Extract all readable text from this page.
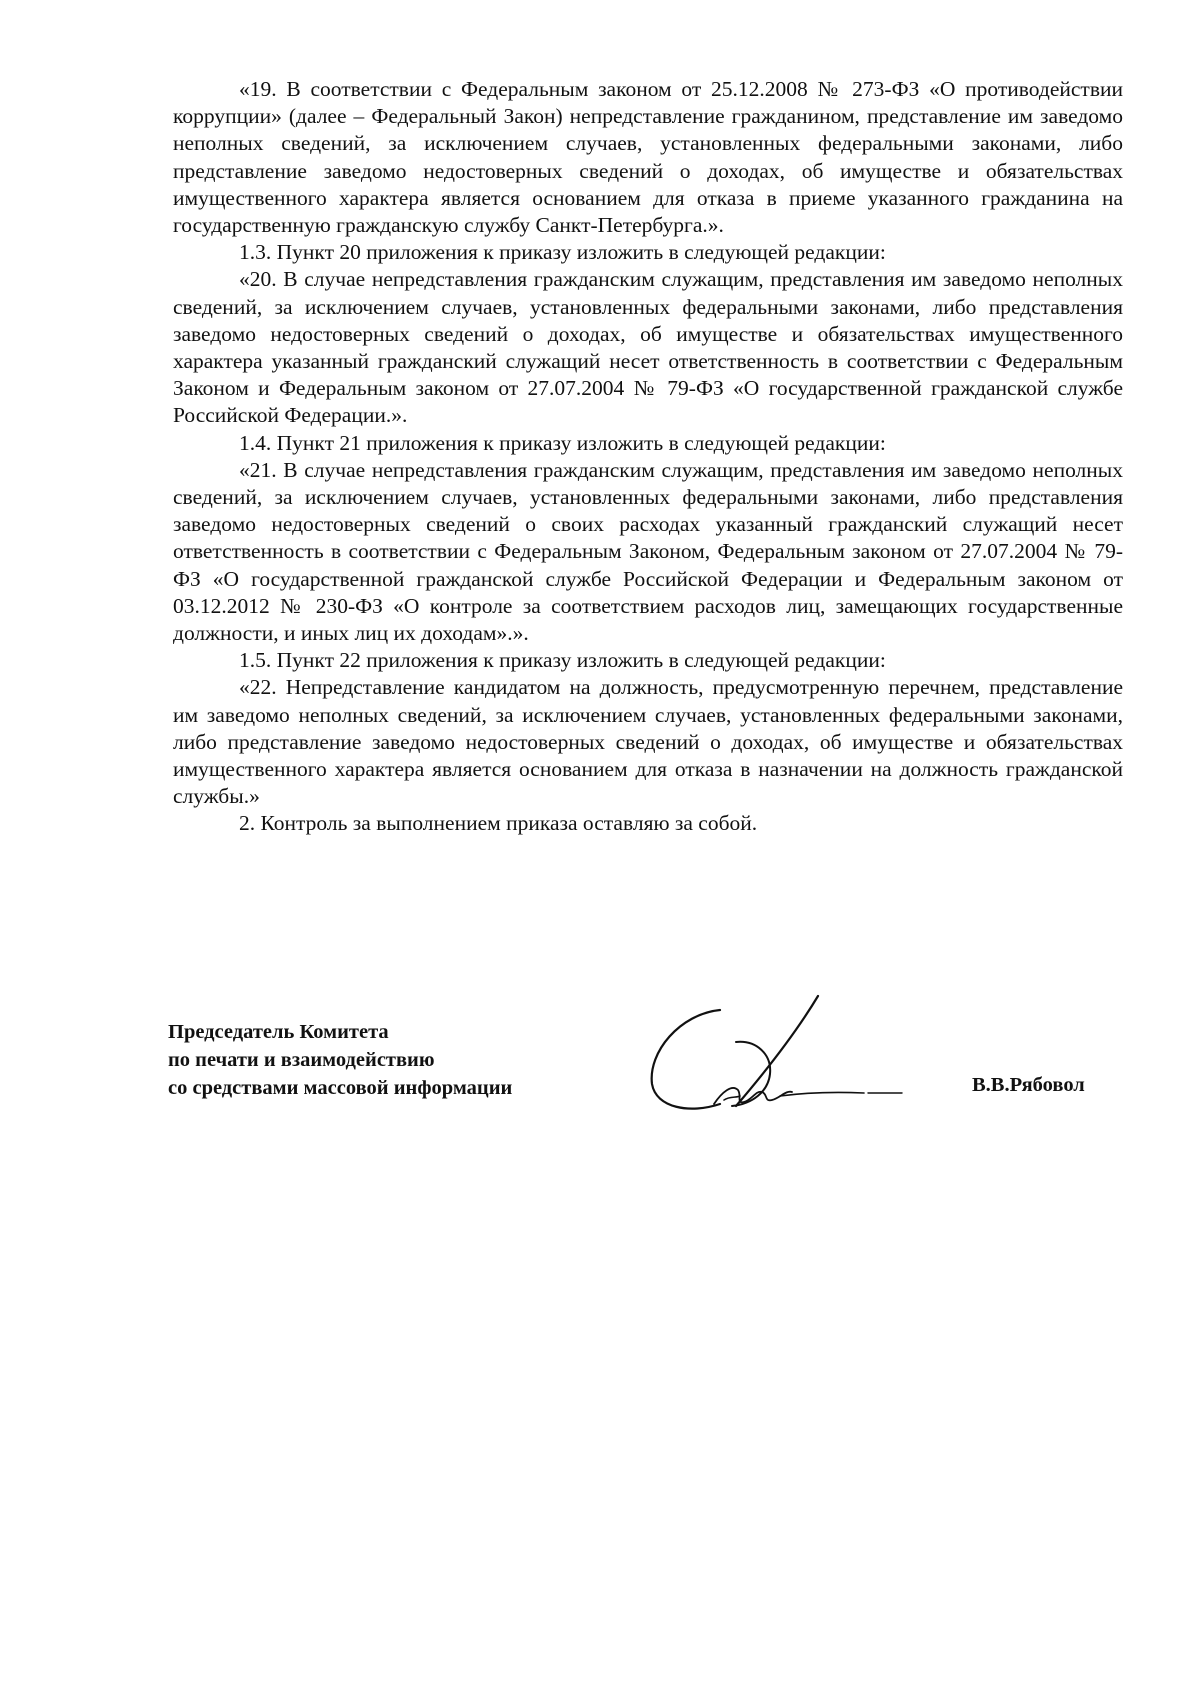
«19. В соответствии с Федеральным законом от 25.12.2008 № 273-ФЗ «О противодействии коррупции» (далее – Федеральный Закон) непредставление гражданином, представление им заведомо неполных сведений, за исключением случаев, установленных федеральными законами, либо представление заведомо недостоверных сведений о доходах, об имуществе и обязательствах имущественного характера является основанием для отказа в приеме указанного гражданина на государственную гражданскую службу Санкт-Петербурга.».

1.3. Пункт 20 приложения к приказу изложить в следующей редакции:

«20. В случае непредставления гражданским служащим, представления им заведомо неполных сведений, за исключением случаев, установленных федеральными законами, либо представления заведомо недостоверных сведений о доходах, об имуществе и обязательствах имущественного характера указанный гражданский служащий несет ответственность в соответствии с Федеральным Законом и Федеральным законом от 27.07.2004 № 79-ФЗ «О государственной гражданской службе Российской Федерации.».

1.4. Пункт 21 приложения к приказу изложить в следующей редакции:

«21. В случае непредставления гражданским служащим, представления им заведомо неполных сведений, за исключением случаев, установленных федеральными законами, либо представления заведомо недостоверных сведений о своих расходах указанный гражданский служащий несет ответственность в соответствии с Федеральным Законом, Федеральным законом от 27.07.2004 № 79-ФЗ «О государственной гражданской службе Российской Федерации и Федеральным законом от 03.12.2012 № 230-ФЗ «О контроле за соответствием расходов лиц, замещающих государственные должности, и иных лиц их доходам».».

1.5. Пункт 22 приложения к приказу изложить в следующей редакции:

«22. Непредставление кандидатом на должность, предусмотренную перечнем, представление им заведомо неполных сведений, за исключением случаев, установленных федеральными законами, либо представление заведомо недостоверных сведений о доходах, об имуществе и обязательствах имущественного характера является основанием для отказа в назначении на должность гражданской службы.»

2. Контроль за выполнением приказа оставляю за собой.

Председатель Комитета
по печати и взаимодействию
со средствами массовой информации	В.В.Рябовол
